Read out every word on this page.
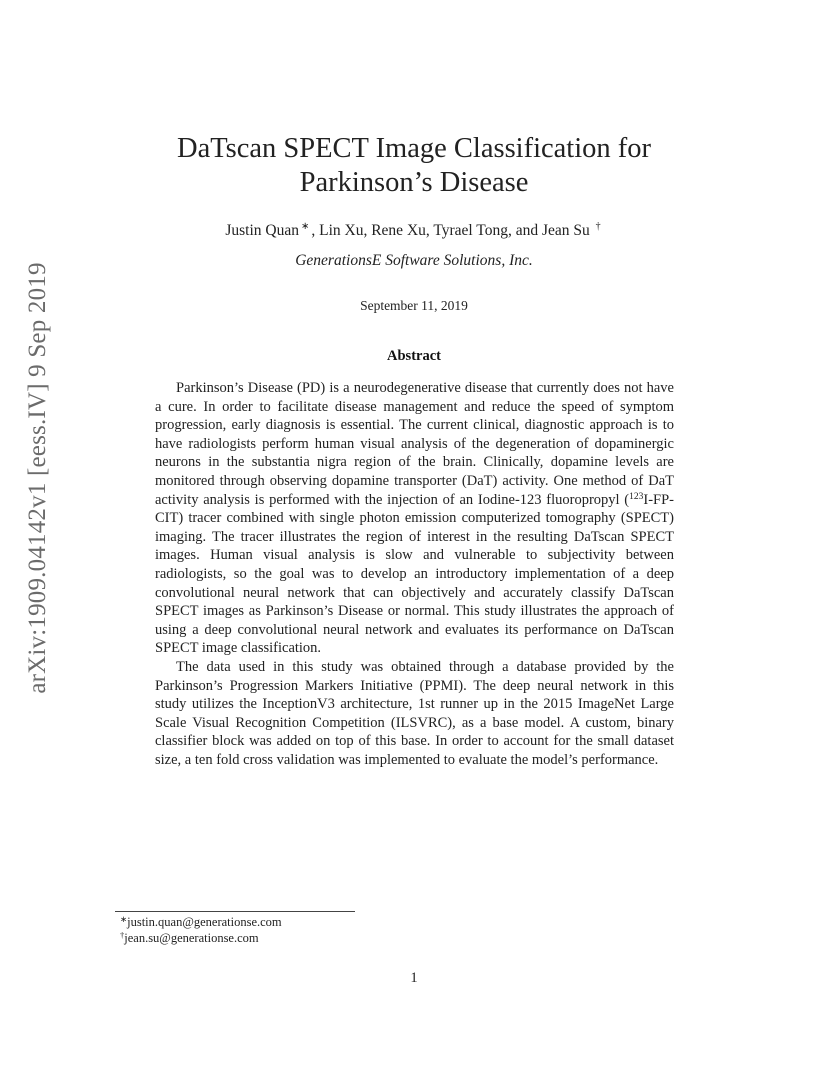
arXiv:1909.04142v1 [eess.IV] 9 Sep 2019
DaTscan SPECT Image Classification for
Parkinson’s Disease
Justin Quan ∗ , Lin Xu, Rene Xu, Tyrael Tong, and Jean Su †
GenerationsE Software Solutions, Inc.
September 11, 2019
Abstract

Parkinson’s Disease (PD) is a neurodegenerative disease that currently does not have a cure. In order to facilitate disease management and reduce the speed of symptom progression, early diagnosis is essential. The current clinical, diagnostic approach is to have radiologists perform human visual analysis of the degeneration of dopaminergic neurons in the substantia nigra region of the brain. Clinically, dopamine levels are monitored through observing dopamine transporter (DaT) activity. One method of DaT activity analysis is performed with the injection of an Iodine-123 fluoropropyl ($^{123}$I-FP-CIT) tracer combined with single photon emission computerized tomography (SPECT) imaging. The tracer illustrates the region of interest in the resulting DaTscan SPECT images. Human visual analysis is slow and vulnerable to subjectivity between radiologists, so the goal was to develop an introductory implementation of a deep convolutional neural network that can objectively and accurately classify DaTscan SPECT images as Parkinson’s Disease or normal. This study illustrates the approach of using a deep convolutional neural network and evaluates its performance on DaTscan SPECT image classification.

The data used in this study was obtained through a database provided by the Parkinson’s Progression Markers Initiative (PPMI). The deep neural network in this study utilizes the InceptionV3 architecture, 1st runner up in the 2015 ImageNet Large Scale Visual Recognition Competition (ILSVRC), as a base model. A custom, binary classifier block was added on top of this base. In order to account for the small dataset size, a ten fold cross validation was implemented to evaluate the model’s performance.

∗justin.quan@generationse.com
†jean.su@generationse.com
1
